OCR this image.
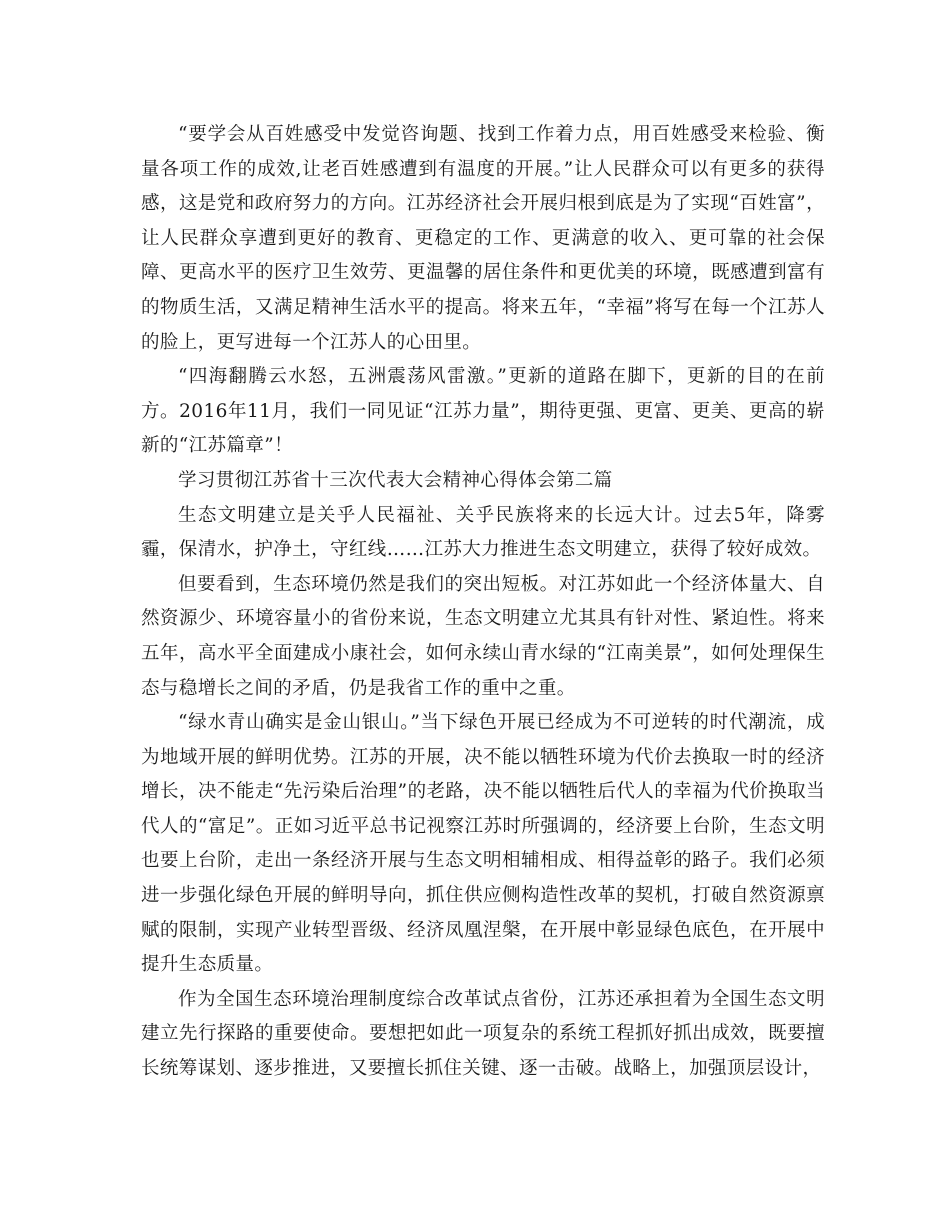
“要学会从百姓感受中发觉咨询题、找到工作着力点，用百姓感受来检验、衡量各项工作的成效,让老百姓感遭到有温度的开展。”让人民群众可以有更多的获得感，这是党和政府努力的方向。江苏经济社会开展归根到底是为了实现“百姓富”，让人民群众享遭到更好的教育、更稳定的工作、更满意的收入、更可靠的社会保障、更高水平的医疗卫生效劳、更温馨的居住条件和更优美的环境，既感遭到富有的物质生活，又满足精神生活水平的提高。将来五年，“幸福”将写在每一个江苏人的脸上，更写进每一个江苏人的心田里。

“四海翻腾云水怒，五洲震荡风雷激。”更新的道路在脚下，更新的目的在前方。2016年11月，我们一同见证“江苏力量”，期待更强、更富、更美、更高的崭新的“江苏篇章”！

学习贯彻江苏省十三次代表大会精神心得体会第二篇

生态文明建立是关乎人民福祉、关乎民族将来的长远大计。过去5年，降雾霾，保清水，护净土，守红线……江苏大力推进生态文明建立，获得了较好成效。

但要看到，生态环境仍然是我们的突出短板。对江苏如此一个经济体量大、自然资源少、环境容量小的省份来说，生态文明建立尤其具有针对性、紧迫性。将来五年，高水平全面建成小康社会，如何永续山青水绿的“江南美景”，如何处理保生态与稳增长之间的矛盾，仍是我省工作的重中之重。

“绿水青山确实是金山银山。”当下绿色开展已经成为不可逆转的时代潮流，成为地域开展的鲜明优势。江苏的开展，决不能以牺牲环境为代价去换取一时的经济增长，决不能走“先污染后治理”的老路，决不能以牺牲后代人的幸福为代价换取当代人的“富足”。正如习近平总书记视察江苏时所强调的，经济要上台阶，生态文明也要上台阶，走出一条经济开展与生态文明相辅相成、相得益彰的路子。我们必须进一步强化绿色开展的鲜明导向，抓住供应侧构造性改革的契机，打破自然资源禀赋的限制，实现产业转型晋级、经济凤凰涅槃，在开展中彰显绿色底色，在开展中提升生态质量。

作为全国生态环境治理制度综合改革试点省份，江苏还承担着为全国生态文明建立先行探路的重要使命。要想把如此一项复杂的系统工程抓好抓出成效，既要擅长统筹谋划、逐步推进，又要擅长抓住关键、逐一击破。战略上，加强顶层设计，
